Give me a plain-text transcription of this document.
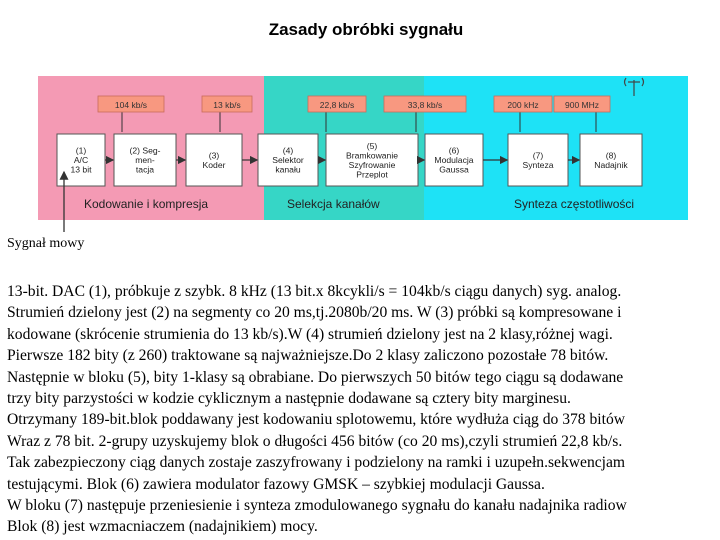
Zasady obróbki sygnału
104 kb/s	13 kb/s	22,8 kb/s	33,8 kb/s	200 kHz	900 MHz
(1)
A/C
13 bit
(2) Seg-
men-
tacja
(3)
Koder
(4)
Selektor
kanału
(5)
Bramkowanie
Szyfrowanie
Przeplot
(6)
Modulacja
Gaussa
(7)
Synteza
(8)
Nadajnik
Kodowanie i kompresja	Selekcja kanałów	Synteza częstotliwości
Sygnał mowy
13-bit. DAC (1), próbkuje z szybk. 8 kHz (13 bit.x 8kcykli/s = 104kb/s ciągu danych) syg. analog.
Strumień dzielony jest (2) na segmenty co 20 ms,tj.2080b/20 ms. W (3) próbki są kompresowane i
kodowane (skrócenie strumienia do 13 kb/s).W (4) strumień dzielony jest na 2 klasy,różnej wagi.
Pierwsze 182 bity (z 260) traktowane są najważniejsze.Do 2 klasy zaliczono pozostałe 78 bitów.
Następnie w bloku (5), bity 1-klasy są obrabiane. Do pierwszych 50 bitów tego ciągu są dodawane
trzy bity parzystości w kodzie cyklicznym a następnie dodawane są cztery bity marginesu.
Otrzymany 189-bit.blok poddawany jest kodowaniu splotowemu, które wydłuża ciąg do 378 bitów
Wraz z 78 bit. 2-grupy uzyskujemy blok o długości 456 bitów (co 20 ms),czyli strumień 22,8 kb/s.
Tak zabezpieczony ciąg danych zostaje zaszyfrowany i podzielony na ramki i uzupełn.sekwencjam
testującymi. Blok (6) zawiera modulator fazowy GMSK – szybkiej modulacji Gaussa.
W bloku (7) następuje przeniesienie i synteza zmodulowanego sygnału do kanału nadajnika radiow
Blok (8) jest wzmacniaczem (nadajnikiem) mocy.
